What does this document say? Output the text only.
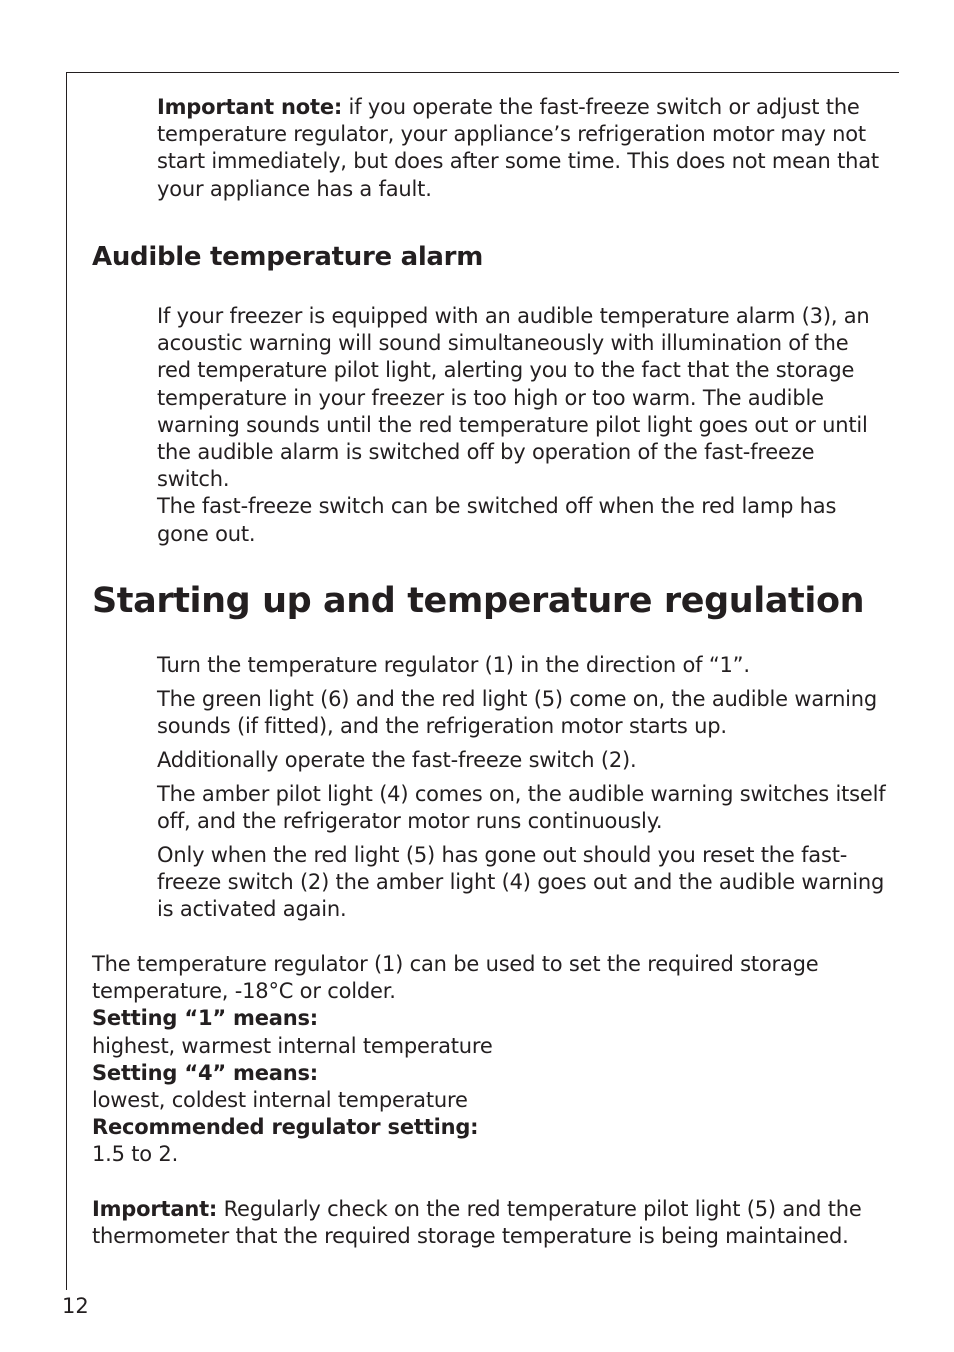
Important note: if you operate the fast-freeze switch or adjust the
temperature regulator, your appliance’s refrigeration motor may not
start immediately, but does after some time. This does not mean that
your appliance has a fault.
Audible temperature alarm
If your freezer is equipped with an audible temperature alarm (3), an
acoustic warning will sound simultaneously with illumination of the
red temperature pilot light, alerting you to the fact that the storage
temperature in your freezer is too high or too warm. The audible
warning sounds until the red temperature pilot light goes out or until
the audible alarm is switched off by operation of the fast-freeze
switch.
The fast-freeze switch can be switched off when the red lamp has
gone out.
Starting up and temperature regulation
Turn the temperature regulator (1) in the direction of “1”.
The green light (6) and the red light (5) come on, the audible warning
sounds (if fitted), and the refrigeration motor starts up.
Additionally operate the fast-freeze switch (2).
The amber pilot light (4) comes on, the audible warning switches itself
off, and the refrigerator motor runs continuously.
Only when the red light (5) has gone out should you reset the fast-
freeze switch (2) the amber light (4) goes out and the audible warning
is activated again.
The temperature regulator (1) can be used to set the required storage
temperature, -18°C or colder.
Setting “1” means:
highest, warmest internal temperature
Setting “4” means:
lowest, coldest internal temperature
Recommended regulator setting:
1.5 to 2.
Important: Regularly check on the red temperature pilot light (5) and the
thermometer that the required storage temperature is being maintained.
12
